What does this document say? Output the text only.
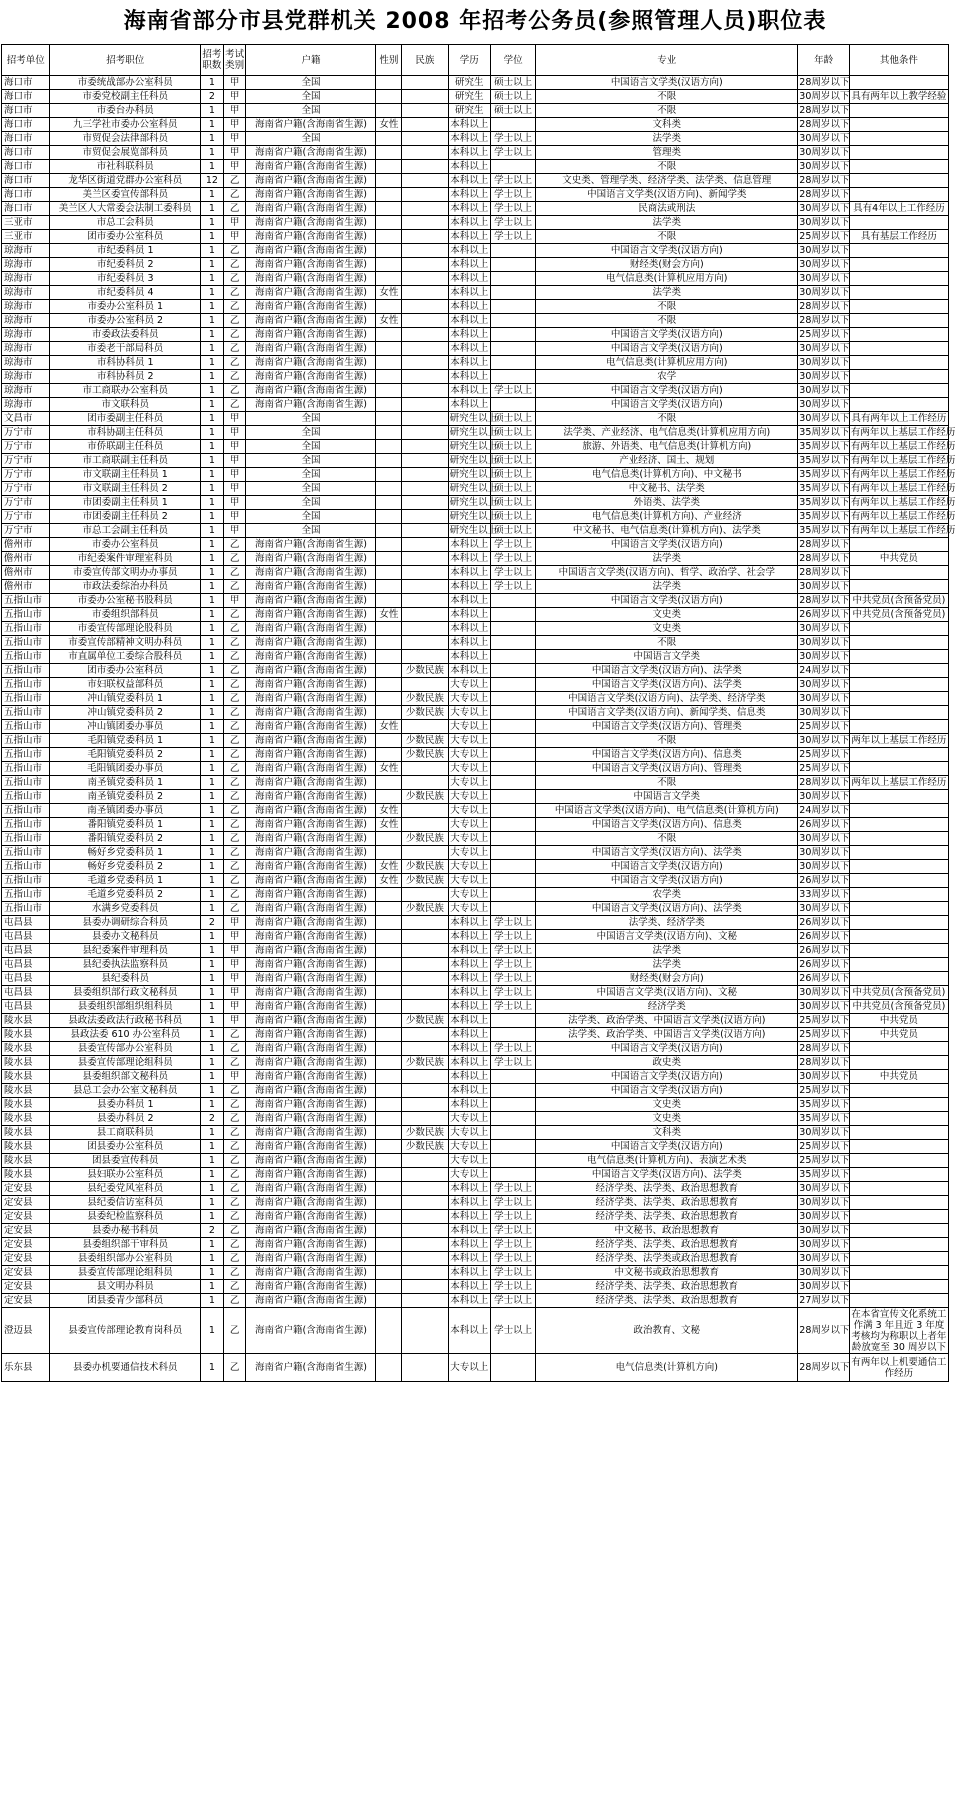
海南省部分市县党群机关 2008 年招考公务员(参照管理人员)职位表
招考单位	招考职位	招考职数	考试类别	户籍	性别	民族	学历	学位	专业	年龄	其他条件
海口市	市委统战部办公室科员	1	甲	全国			研究生	硕士以上	中国语言文学类(汉语方向)	28周岁以下	
海口市	市委党校副主任科员	2	甲	全国			研究生	硕士以上	不限	30周岁以下	具有两年以上教学经验
海口市	市委台办科员	1	甲	全国			研究生	硕士以上	不限	28周岁以下	
海口市	九三学社市委办公室科员	1	甲	海南省户籍(含海南省生源)	女性		本科以上		文科类	28周岁以下	
海口市	市贸促会法律部科员	1	甲	全国			本科以上	学士以上	法学类	30周岁以下	
海口市	市贸促会展览部科员	1	甲	海南省户籍(含海南省生源)			本科以上	学士以上	管理类	30周岁以下	
海口市	市社科联科员	1	甲	海南省户籍(含海南省生源)			本科以上		不限	30周岁以下	
海口市	龙华区街道党群办公室科员	12	乙	海南省户籍(含海南省生源)			本科以上	学士以上	文史类、管理学类、经济学类、法学类、信息管理	28周岁以下	
海口市	美兰区委宣传部科员	1	乙	海南省户籍(含海南省生源)			本科以上	学士以上	中国语言文学类(汉语方向)、新闻学类	28周岁以下	
海口市	美兰区人大常委会法制工委科员	1	乙	海南省户籍(含海南省生源)			本科以上	学士以上	民商法或刑法	30周岁以下	具有4年以上工作经历
三亚市	市总工会科员	1	甲	海南省户籍(含海南省生源)			本科以上	学士以上	法学类	30周岁以下	
三亚市	团市委办公室科员	1	甲	海南省户籍(含海南省生源)			本科以上	学士以上	不限	25周岁以下	具有基层工作经历
琼海市	市纪委科员 1	1	乙	海南省户籍(含海南省生源)			本科以上		中国语言文学类(汉语方向)	30周岁以下	
琼海市	市纪委科员 2	1	乙	海南省户籍(含海南省生源)			本科以上		财经类(财会方向)	30周岁以下	
琼海市	市纪委科员 3	1	乙	海南省户籍(含海南省生源)			本科以上		电气信息类(计算机应用方向)	30周岁以下	
琼海市	市纪委科员 4	1	乙	海南省户籍(含海南省生源)	女性		本科以上		法学类	30周岁以下	
琼海市	市委办公室科员 1	1	乙	海南省户籍(含海南省生源)			本科以上		不限	28周岁以下	
琼海市	市委办公室科员 2	1	乙	海南省户籍(含海南省生源)	女性		本科以上		不限	28周岁以下	
琼海市	市委政法委科员	1	乙	海南省户籍(含海南省生源)			本科以上		中国语言文学类(汉语方向)	25周岁以下	
琼海市	市委老干部局科员	1	乙	海南省户籍(含海南省生源)			本科以上		中国语言文学类(汉语方向)	30周岁以下	
琼海市	市科协科员 1	1	乙	海南省户籍(含海南省生源)			本科以上		电气信息类(计算机应用方向)	30周岁以下	
琼海市	市科协科员 2	1	乙	海南省户籍(含海南省生源)			本科以上		农学	30周岁以下	
琼海市	市工商联办公室科员	1	乙	海南省户籍(含海南省生源)			本科以上	学士以上	中国语言文学类(汉语方向)	30周岁以下	
琼海市	市文联科员	1	乙	海南省户籍(含海南省生源)			本科以上		中国语言文学类(汉语方向)	30周岁以下	
文昌市	团市委副主任科员	1	甲	全国			研究生以上	硕士以上	不限	30周岁以下	具有两年以上工作经历
万宁市	市科协副主任科员	1	甲	全国			研究生以上	硕士以上	法学类、产业经济、电气信息类(计算机应用方向)	35周岁以下	有两年以上基层工作经历
万宁市	市侨联副主任科员	1	甲	全国			研究生以上	硕士以上	旅游、外语类、电气信息类(计算机方向)	35周岁以下	有两年以上基层工作经历
万宁市	市工商联副主任科员	1	甲	全国			研究生以上	硕士以上	产业经济、国土、规划	35周岁以下	有两年以上基层工作经历
万宁市	市文联副主任科员 1	1	甲	全国			研究生以上	硕士以上	电气信息类(计算机方向)、中文秘书	35周岁以下	有两年以上基层工作经历
万宁市	市文联副主任科员 2	1	甲	全国			研究生以上	硕士以上	中文秘书、法学类	35周岁以下	有两年以上基层工作经历
万宁市	市团委副主任科员 1	1	甲	全国			研究生以上	硕士以上	外语类、法学类	35周岁以下	有两年以上基层工作经历
万宁市	市团委副主任科员 2	1	甲	全国			研究生以上	硕士以上	电气信息类(计算机方向)、产业经济	35周岁以下	有两年以上基层工作经历
万宁市	市总工会副主任科员	1	甲	全国			研究生以上	硕士以上	中文秘书、电气信息类(计算机方向)、法学类	35周岁以下	有两年以上基层工作经历
儋州市	市委办公室科员	1	乙	海南省户籍(含海南省生源)			本科以上	学士以上	中国语言文学类(汉语方向)	28周岁以下	
儋州市	市纪委案件审理室科员	1	乙	海南省户籍(含海南省生源)			本科以上	学士以上	法学类	28周岁以下	中共党员
儋州市	市委宣传部文明办办事员	1	乙	海南省户籍(含海南省生源)			本科以上	学士以上	中国语言文学类(汉语方向)、哲学、政治学、社会学	28周岁以下	
儋州市	市政法委综治办科员	1	乙	海南省户籍(含海南省生源)			本科以上	学士以上	法学类	30周岁以下	
五指山市	市委办公室秘书股科员	1	甲	海南省户籍(含海南省生源)			本科以上		中国语言文学类(汉语方向)	28周岁以下	中共党员(含预备党员)
五指山市	市委组织部科员	1	乙	海南省户籍(含海南省生源)	女性		本科以上		文史类	26周岁以下	中共党员(含预备党员)
五指山市	市委宣传部理论股科员	1	乙	海南省户籍(含海南省生源)			本科以上		文史类	30周岁以下	
五指山市	市委宣传部精神文明办科员	1	乙	海南省户籍(含海南省生源)			本科以上		不限	30周岁以下	
五指山市	市直属单位工委综合股科员	1	乙	海南省户籍(含海南省生源)			本科以上		中国语言文学类	30周岁以下	
五指山市	团市委办公室科员	1	乙	海南省户籍(含海南省生源)		少数民族	本科以上		中国语言文学类(汉语方向)、法学类	24周岁以下	
五指山市	市妇联权益部科员	1	乙	海南省户籍(含海南省生源)			大专以上		中国语言文学类(汉语方向)、法学类	30周岁以下	
五指山市	冲山镇党委科员 1	1	乙	海南省户籍(含海南省生源)		少数民族	大专以上		中国语言文学类(汉语方向)、法学类、经济学类	30周岁以下	
五指山市	冲山镇党委科员 2	1	乙	海南省户籍(含海南省生源)		少数民族	大专以上		中国语言文学类(汉语方向)、新闻学类、信息类	30周岁以下	
五指山市	冲山镇团委办事员	1	乙	海南省户籍(含海南省生源)	女性		大专以上		中国语言文学类(汉语方向)、管理类	25周岁以下	
五指山市	毛阳镇党委科员 1	1	乙	海南省户籍(含海南省生源)		少数民族	大专以上		不限	30周岁以下	两年以上基层工作经历
五指山市	毛阳镇党委科员 2	1	乙	海南省户籍(含海南省生源)		少数民族	大专以上		中国语言文学类(汉语方向)、信息类	25周岁以下	
五指山市	毛阳镇团委办事员	1	乙	海南省户籍(含海南省生源)	女性		大专以上		中国语言文学类(汉语方向)、管理类	25周岁以下	
五指山市	南圣镇党委科员 1	1	乙	海南省户籍(含海南省生源)			大专以上		不限	28周岁以下	两年以上基层工作经历
五指山市	南圣镇党委科员 2	1	乙	海南省户籍(含海南省生源)		少数民族	大专以上		中国语言文学类	30周岁以下	
五指山市	南圣镇团委办事员	1	乙	海南省户籍(含海南省生源)	女性		大专以上		中国语言文学类(汉语方向)、电气信息类(计算机方向)	24周岁以下	
五指山市	番阳镇党委科员 1	1	乙	海南省户籍(含海南省生源)	女性		大专以上		中国语言文学类(汉语方向)、信息类	26周岁以下	
五指山市	番阳镇党委科员 2	1	乙	海南省户籍(含海南省生源)		少数民族	大专以上		不限	30周岁以下	
五指山市	畅好乡党委科员 1	1	乙	海南省户籍(含海南省生源)			大专以上		中国语言文学类(汉语方向)、法学类	30周岁以下	
五指山市	畅好乡党委科员 2	1	乙	海南省户籍(含海南省生源)	女性	少数民族	大专以上		中国语言文学类(汉语方向)	30周岁以下	
五指山市	毛道乡党委科员 1	1	乙	海南省户籍(含海南省生源)	女性	少数民族	大专以上		中国语言文学类(汉语方向)	26周岁以下	
五指山市	毛道乡党委科员 2	1	乙	海南省户籍(含海南省生源)			大专以上		农学类	33周岁以下	
五指山市	水满乡党委科员	1	乙	海南省户籍(含海南省生源)		少数民族	大专以上		中国语言文学类(汉语方向)、法学类	30周岁以下	
屯昌县	县委办调研综合科员	2	甲	海南省户籍(含海南省生源)			本科以上	学士以上	法学类、经济学类	26周岁以下	
屯昌县	县委办文秘科员	1	甲	海南省户籍(含海南省生源)			本科以上	学士以上	中国语言文学类(汉语方向)、文秘	26周岁以下	
屯昌县	县纪委案件审理科员	1	甲	海南省户籍(含海南省生源)			本科以上	学士以上	法学类	26周岁以下	
屯昌县	县纪委执法监察科员	1	甲	海南省户籍(含海南省生源)			本科以上	学士以上	法学类	26周岁以下	
屯昌县	县纪委科员	1	甲	海南省户籍(含海南省生源)			本科以上	学士以上	财经类(财会方向)	26周岁以下	
屯昌县	县委组织部行政文秘科员	1	甲	海南省户籍(含海南省生源)			本科以上	学士以上	中国语言文学类(汉语方向)、文秘	30周岁以下	中共党员(含预备党员)
屯昌县	县委组织部组织组科员	1	甲	海南省户籍(含海南省生源)			本科以上	学士以上	经济学类	30周岁以下	中共党员(含预备党员)
陵水县	县政法委政法行政秘书科员	1	甲	海南省户籍(含海南省生源)		少数民族	本科以上		法学类、政治学类、中国语言文学类(汉语方向)	25周岁以下	中共党员
陵水县	县政法委 610 办公室科员	1	乙	海南省户籍(含海南省生源)			本科以上		法学类、政治学类、中国语言文学类(汉语方向)	25周岁以下	中共党员
陵水县	县委宣传部办公室科员	1	乙	海南省户籍(含海南省生源)			本科以上	学士以上	中国语言文学类(汉语方向)	28周岁以下	
陵水县	县委宣传部理论组科员	1	乙	海南省户籍(含海南省生源)		少数民族	本科以上	学士以上	政史类	28周岁以下	
陵水县	县委组织部文秘科员	1	甲	海南省户籍(含海南省生源)			本科以上		中国语言文学类(汉语方向)	30周岁以下	中共党员
陵水县	县总工会办公室文秘科员	1	乙	海南省户籍(含海南省生源)			本科以上		中国语言文学类(汉语方向)	25周岁以下	
陵水县	县委办科员 1	1	乙	海南省户籍(含海南省生源)			本科以上		文史类	35周岁以下	
陵水县	县委办科员 2	2	乙	海南省户籍(含海南省生源)			大专以上		文史类	35周岁以下	
陵水县	县工商联科员	1	乙	海南省户籍(含海南省生源)		少数民族	大专以上		文科类	30周岁以下	
陵水县	团县委办公室科员	1	乙	海南省户籍(含海南省生源)		少数民族	大专以上		中国语言文学类(汉语方向)	25周岁以下	
陵水县	团县委宣传科员	1	乙	海南省户籍(含海南省生源)			大专以上		电气信息类(计算机方向)、表演艺术类	25周岁以下	
陵水县	县妇联办公室科员	1	乙	海南省户籍(含海南省生源)			大专以上		中国语言文学类(汉语方向)、法学类	35周岁以下	
定安县	县纪委党风室科员	1	乙	海南省户籍(含海南省生源)			本科以上	学士以上	经济学类、法学类、政治思想教育	30周岁以下	
定安县	县纪委信访室科员	1	乙	海南省户籍(含海南省生源)			本科以上	学士以上	经济学类、法学类、政治思想教育	30周岁以下	
定安县	县委纪检监察科员	1	乙	海南省户籍(含海南省生源)			本科以上	学士以上	经济学类、法学类、政治思想教育	30周岁以下	
定安县	县委办秘书科员	2	乙	海南省户籍(含海南省生源)			本科以上	学士以上	中文秘书、政治思想教育	30周岁以下	
定安县	县委组织部干审科员	1	乙	海南省户籍(含海南省生源)			本科以上	学士以上	经济学类、法学类、政治思想教育	30周岁以下	
定安县	县委组织部办公室科员	1	乙	海南省户籍(含海南省生源)			本科以上	学士以上	经济学类、法学类或政治思想教育	30周岁以下	
定安县	县委宣传部理论组科员	1	乙	海南省户籍(含海南省生源)			本科以上	学士以上	中文秘书或政治思想教育	30周岁以下	
定安县	县文明办科员	1	乙	海南省户籍(含海南省生源)			本科以上	学士以上	经济学类、法学类、政治思想教育	30周岁以下	
定安县	团县委青少部科员	1	乙	海南省户籍(含海南省生源)			本科以上	学士以上	经济学类、法学类、政治思想教育	27周岁以下	
澄迈县	县委宣传部理论教育岗科员	1	乙	海南省户籍(含海南省生源)			本科以上	学士以上	政治教育、文秘	28周岁以下	在本省宣传文化系统工作满 3 年且近 3 年度考核均为称职以上者年龄放宽至 30 周岁以下
乐东县	县委办机要通信技术科员	1	乙	海南省户籍(含海南省生源)			大专以上		电气信息类(计算机方向)	28周岁以下	有两年以上机要通信工作经历
